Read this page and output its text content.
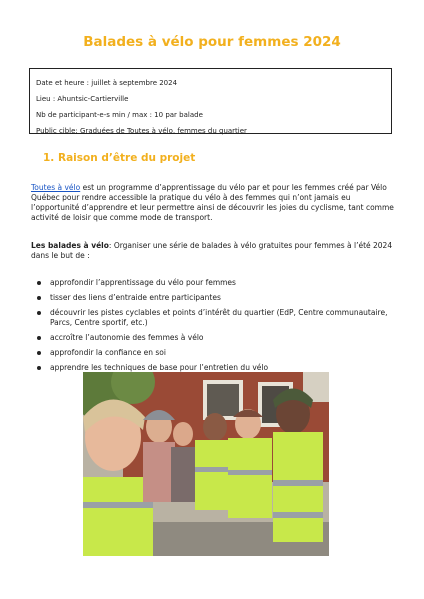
Balades à vélo pour femmes 2024
Date et heure : juillet à septembre 2024
Lieu : Ahuntsic-Cartierville
Nb de participant-e-s min / max : 10 par balade
Public cible: Graduées de Toutes à vélo, femmes du quartier
1. Raison d’être du projet
Toutes à vélo est un programme d’apprentissage du vélo par et pour les femmes créé par Vélo Québec pour rendre accessible la pratique du vélo à des femmes qui n’ont jamais eu l’opportunité d’apprendre et leur permettre ainsi de découvrir les joies du cyclisme, tant comme activité de loisir que comme mode de transport.
Les balades à vélo: Organiser une série de balades à vélo gratuites pour femmes à l’été 2024 dans le but de :
approfondir l’apprentissage du vélo pour femmes
tisser des liens d’entraide entre participantes
découvrir les pistes cyclables et points d’intérêt du quartier (EdP, Centre communautaire, Parcs, Centre sportif, etc.)
accroître l’autonomie des femmes à vélo
approfondir la confiance en soi
apprendre les techniques de base pour l’entretien du vélo
